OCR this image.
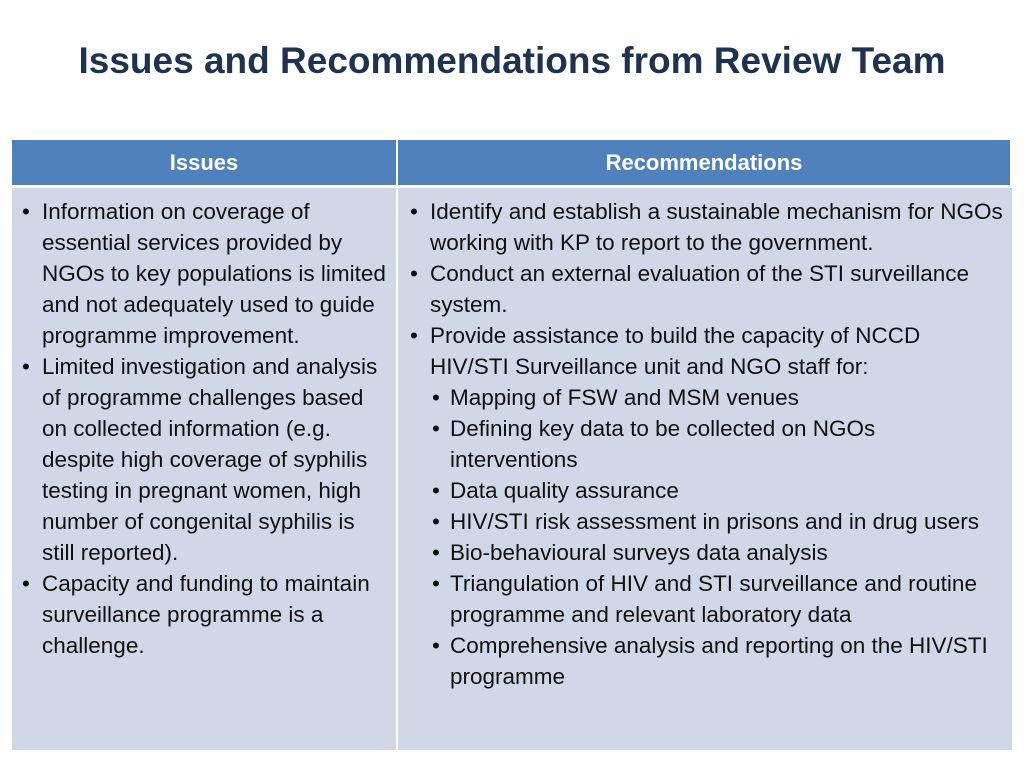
Issues and Recommendations from Review Team
Issues	Recommendations
• Information on coverage of essential services provided by NGOs to key populations is limited and not adequately used to guide programme improvement.
• Limited investigation and analysis of programme challenges based on collected information (e.g. despite high coverage of syphilis testing in pregnant women, high number of congenital syphilis is still reported).
• Capacity and funding to maintain surveillance programme is a challenge.
• Identify and establish a sustainable mechanism for NGOs working with KP to report to the government.
• Conduct an external evaluation of the STI surveillance system.
• Provide assistance to build the capacity of NCCD HIV/STI Surveillance unit and NGO staff for:
• Mapping of FSW and MSM venues
• Defining key data to be collected on NGOs interventions
• Data quality assurance
• HIV/STI risk assessment in prisons and in drug users
• Bio-behavioural surveys data analysis
• Triangulation of HIV and STI surveillance and routine programme and relevant laboratory data
• Comprehensive analysis and reporting on the HIV/STI programme
